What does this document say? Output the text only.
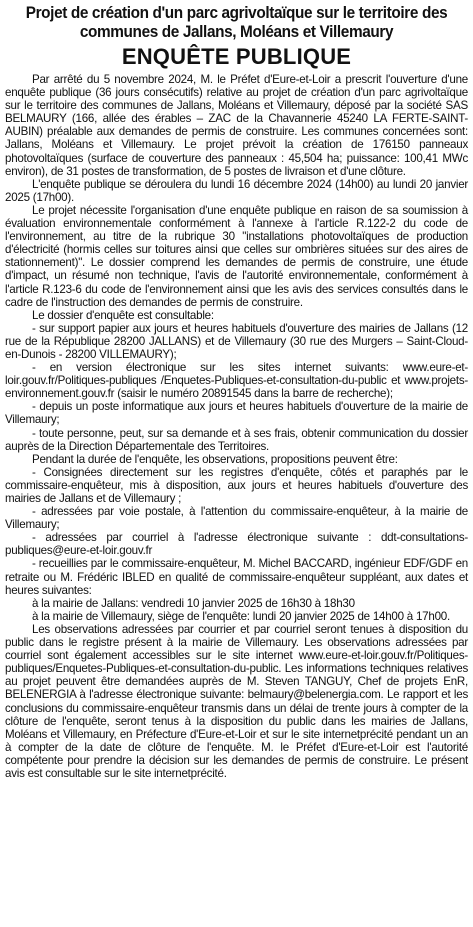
Projet de création d'un parc agrivoltaïque sur le territoire des communes de Jallans, Moléans et Villemaury
ENQUÊTE PUBLIQUE

Par arrêté du 5 novembre 2024, M. le Préfet d'Eure-et-Loir a prescrit l'ouverture d'une enquête publique (36 jours consécutifs) relative au projet de création d'un parc agrivoltaïque sur le territoire des communes de Jallans, Moléans et Villemaury, déposé par la société SAS BELMAURY (166, allée des érables – ZAC de la Chavannerie 45240 LA FERTE-SAINT-AUBIN) préalable aux demandes de permis de construire. Les communes concernées sont: Jallans, Moléans et Villemaury. Le projet prévoit la création de 176150 panneaux photovoltaïques (surface de couverture des panneaux : 45,504 ha; puissance: 100,41 MWc environ), de 31 postes de transformation, de 5 postes de livraison et d'une clôture.

L'enquête publique se déroulera du lundi 16 décembre 2024 (14h00) au lundi 20 janvier 2025 (17h00).

Le projet nécessite l'organisation d'une enquête publique en raison de sa soumission à évaluation environnementale conformément à l'annexe à l'article R.122-2 du code de l'environnement, au titre de la rubrique 30 "installations photovoltaïques de production d'électricité (hormis celles sur toitures ainsi que celles sur ombrières situées sur des aires de stationnement)". Le dossier comprend les demandes de permis de construire, une étude d'impact, un résumé non technique, l'avis de l'autorité environnementale, conformément à l'article R.123-6 du code de l'environnement ainsi que les avis des services consultés dans le cadre de l'instruction des demandes de permis de construire.

Le dossier d'enquête est consultable:

- sur support papier aux jours et heures habituels d'ouverture des mairies de Jallans (12 rue de la République 28200 JALLANS) et de Villemaury (30 rue des Murgers – Saint-Cloud-en-Dunois - 28200 VILLEMAURY);

- en version électronique sur les sites internet suivants: www.eure-et-loir.gouv.fr/Politiques-publiques /Enquetes-Publiques-et-consultation-du-public et www.projets-environnement.gouv.fr (saisir le numéro 20891545 dans la barre de recherche);

- depuis un poste informatique aux jours et heures habituels d'ouverture de la mairie de Villemaury;

- toute personne, peut, sur sa demande et à ses frais, obtenir communication du dossier auprès de la Direction Départementale des Territoires.

Pendant la durée de l'enquête, les observations, propositions peuvent être:

- Consignées directement sur les registres d'enquête, côtés et paraphés par le commissaire-enquêteur, mis à disposition, aux jours et heures habituels d'ouverture des mairies de Jallans et de Villemaury ;

- adressées par voie postale, à l'attention du commissaire-enquêteur, à la mairie de Villemaury;

- adressées par courriel à l'adresse électronique suivante : ddt-consultations-publiques@eure-et-loir.gouv.fr

- recueillies par le commissaire-enquêteur, M. Michel BACCARD, ingénieur EDF/GDF en retraite ou M. Frédéric IBLED en qualité de commissaire-enquêteur suppléant, aux dates et heures suivantes:

à la mairie de Jallans: vendredi 10 janvier 2025 de 16h30 à 18h30

à la mairie de Villemaury, siège de l'enquête: lundi 20 janvier 2025 de 14h00 à 17h00.

Les observations adressées par courrier et par courriel seront tenues à disposition du public dans le registre présent à la mairie de Villemaury. Les observations adressées par courriel sont également accessibles sur le site internet www.eure-et-loir.gouv.fr/Politiques-publiques/Enquetes-Publiques-et-consultation-du-public. Les informations techniques relatives au projet peuvent être demandées auprès de M. Steven TANGUY, Chef de projets EnR, BELENERGIA à l'adresse électronique suivante: belmaury@belenergia.com. Le rapport et les conclusions du commissaire-enquêteur transmis dans un délai de trente jours à compter de la clôture de l'enquête, seront tenus à la disposition du public dans les mairies de Jallans, Moléans et Villemaury, en Préfecture d'Eure-et-Loir et sur le site internetprécité pendant un an à compter de la date de clôture de l'enquête. M. le Préfet d'Eure-et-Loir est l'autorité compétente pour prendre la décision sur les demandes de permis de construire. Le présent avis est consultable sur le site internetprécité.
